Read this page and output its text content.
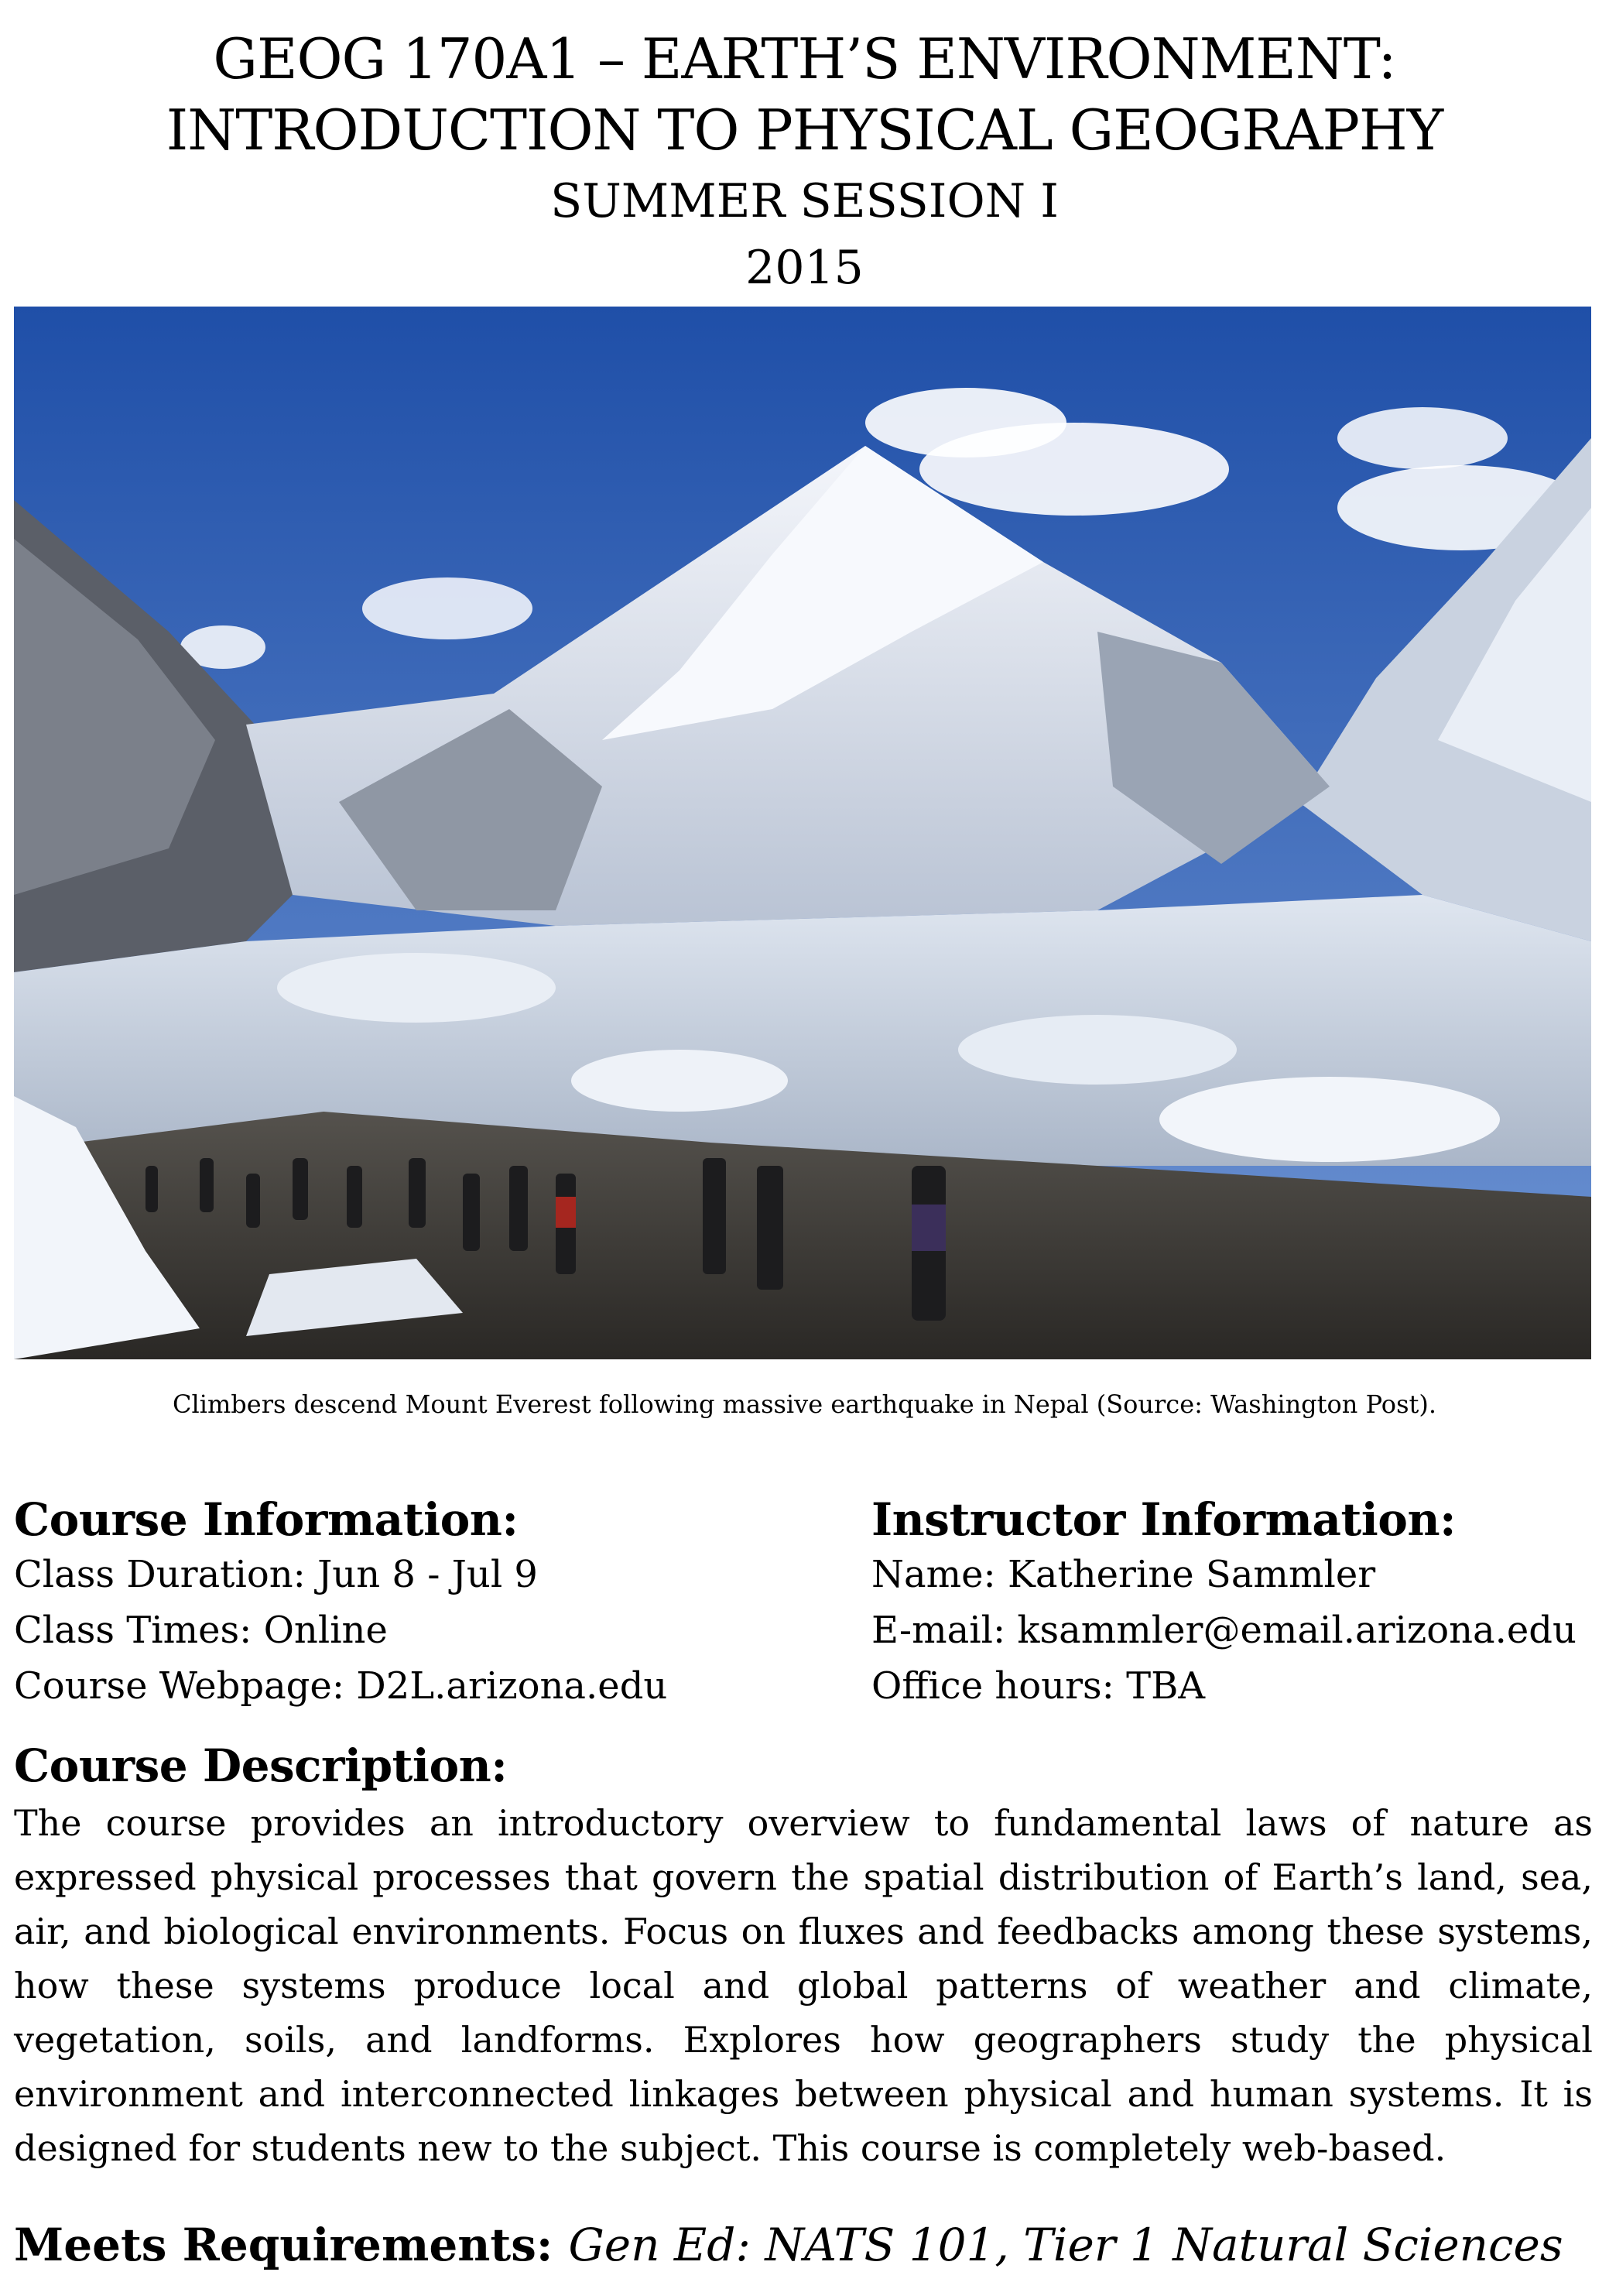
GEOG 170A1 – EARTH’S ENVIRONMENT:
INTRODUCTION TO PHYSICAL GEOGRAPHY
SUMMER SESSION I
2015
Climbers descend Mount Everest following massive earthquake in Nepal (Source: Washington Post).
Course Information:
Class Duration: Jun 8 - Jul 9
Class Times: Online
Course Webpage: D2L.arizona.edu
Instructor Information:
Name: Katherine Sammler
E-mail: ksammler@email.arizona.edu
Office hours: TBA
Course Description:
The course provides an introductory overview to fundamental laws of nature as expressed physical processes that govern the spatial distribution of Earth’s land, sea, air, and biological environments. Focus on fluxes and feedbacks among these systems, how these systems produce local and global patterns of weather and climate, vegetation, soils, and landforms. Explores how geographers study the physical environment and interconnected linkages between physical and human systems. It is designed for students new to the subject. This course is completely web-based.
Meets Requirements: Gen Ed: NATS 101, Tier 1 Natural Sciences
